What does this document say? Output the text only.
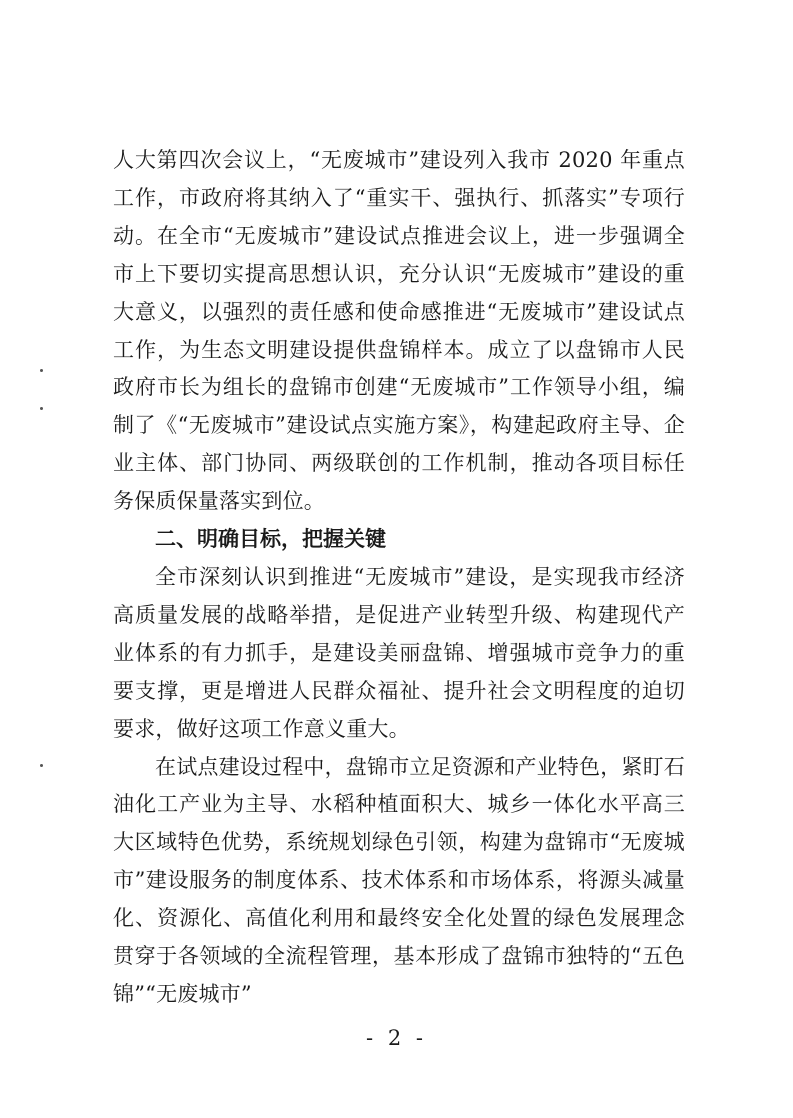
人大第四次会议上，“无废城市”建设列入我市 2020 年重点工作，市政府将其纳入了“重实干、强执行、抓落实”专项行动。在全市“无废城市”建设试点推进会议上，进一步强调全市上下要切实提高思想认识，充分认识“无废城市”建设的重大意义，以强烈的责任感和使命感推进“无废城市”建设试点工作，为生态文明建设提供盘锦样本。成立了以盘锦市人民政府市长为组长的盘锦市创建“无废城市”工作领导小组，编制了《“无废城市”建设试点实施方案》，构建起政府主导、企业主体、部门协同、两级联创的工作机制，推动各项目标任务保质保量落实到位。

二、明确目标，把握关键

全市深刻认识到推进“无废城市”建设，是实现我市经济高质量发展的战略举措，是促进产业转型升级、构建现代产业体系的有力抓手，是建设美丽盘锦、增强城市竞争力的重要支撑，更是增进人民群众福祉、提升社会文明程度的迫切要求，做好这项工作意义重大。

在试点建设过程中，盘锦市立足资源和产业特色，紧盯石油化工产业为主导、水稻种植面积大、城乡一体化水平高三大区域特色优势，系统规划绿色引领，构建为盘锦市“无废城市”建设服务的制度体系、技术体系和市场体系，将源头减量化、资源化、高值化利用和最终安全化处置的绿色发展理念贯穿于各领域的全流程管理，基本形成了盘锦市独特的“五色锦”“无废城市”

- 2 -
